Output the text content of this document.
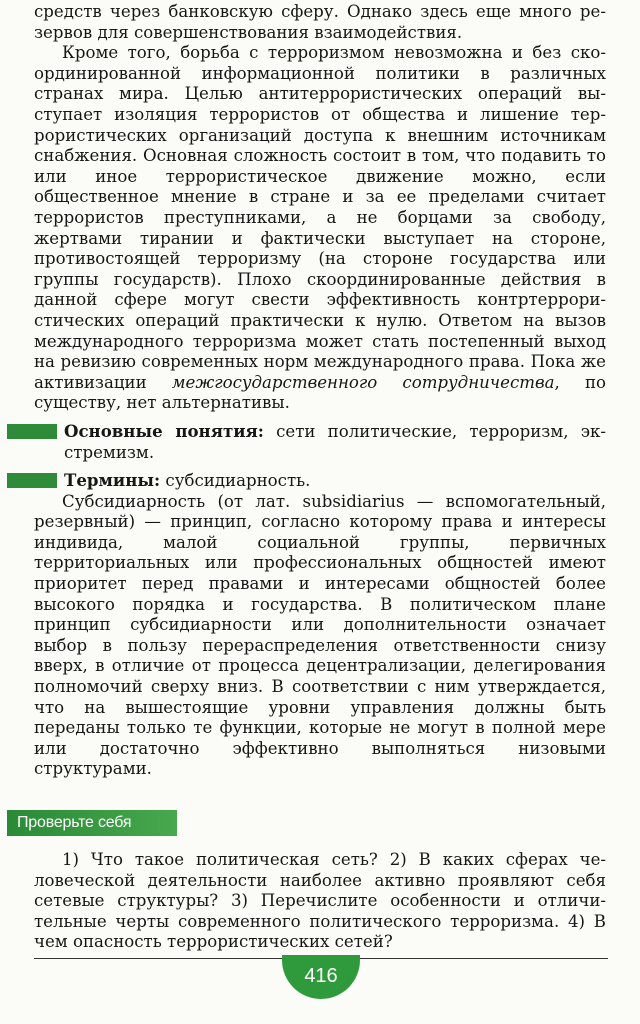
средств через банковскую сферу. Однако здесь еще много резервов для совершенствования взаимодействия.

Кроме того, борьба с терроризмом невозможна и без скоординированной информационной политики в различных странах мира. Целью антитеррористических операций выступает изоляция террористов от общества и лишение террористических организаций доступа к внешним источникам снабжения. Основная сложность состоит в том, что подавить то или иное террористическое движение можно, если общественное мнение в стране и за ее пределами считает террористов преступниками, а не борцами за свободу, жертвами тирании и фактически выступает на стороне, противостоящей терроризму (на стороне государства или группы государств). Плохо скоординированные действия в данной сфере могут свести эффективность контртеррористических операций практически к нулю. Ответом на вызов международного терроризма может стать постепенный выход на ревизию современных норм международного права. Пока же активизации межгосударственного сотрудничества, по существу, нет альтернативы.

Основные понятия: сети политические, терроризм, экстремизм.

Термины: субсидиарность.

Субсидиарность (от лат. subsidiarius — вспомогательный, резервный) — принцип, согласно которому права и интересы индивида, малой социальной группы, первичных территориальных или профессиональных общностей имеют приоритет перед правами и интересами общностей более высокого порядка и государства. В политическом плане принцип субсидиарности или дополнительности означает выбор в пользу перераспределения ответственности снизу вверх, в отличие от процесса децентрализации, делегирования полномочий сверху вниз. В соответствии с ним утверждается, что на вышестоящие уровни управления должны быть переданы только те функции, которые не могут в полной мере или достаточно эффективно выполняться низовыми структурами.

Проверьте себя

1) Что такое политическая сеть? 2) В каких сферах человеческой деятельности наиболее активно проявляют себя сетевые структуры? 3) Перечислите особенности и отличительные черты современного политического терроризма. 4) В чем опасность террористических сетей?

416
